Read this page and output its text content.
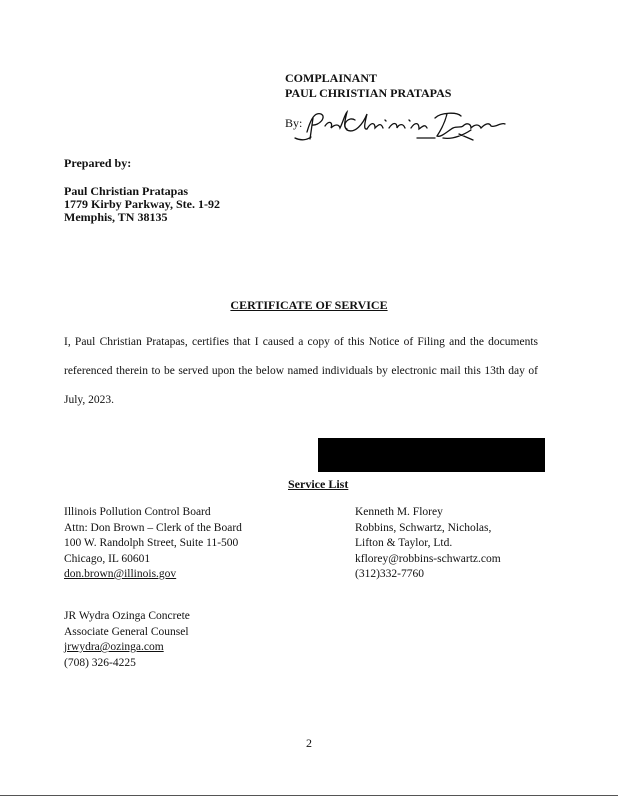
COMPLAINANT
PAUL CHRISTIAN PRATAPAS
By:
Prepared by:
Paul Christian Pratapas
1779 Kirby Parkway, Ste. 1-92
Memphis, TN 38135
CERTIFICATE OF SERVICE
I, Paul Christian Pratapas, certifies that I caused a copy of this Notice of Filing and the documents referenced therein to be served upon the below named individuals by electronic mail this 13th day of July, 2023.
Service List
Illinois Pollution Control Board
Attn: Don Brown – Clerk of the Board
100 W. Randolph Street, Suite 11-500
Chicago, IL 60601
don.brown@illinois.gov
Kenneth M. Florey
Robbins, Schwartz, Nicholas,
Lifton & Taylor, Ltd.
kflorey@robbins-schwartz.com
(312)332-7760
JR Wydra Ozinga Concrete
Associate General Counsel
jrwydra@ozinga.com
(708) 326-4225
2
